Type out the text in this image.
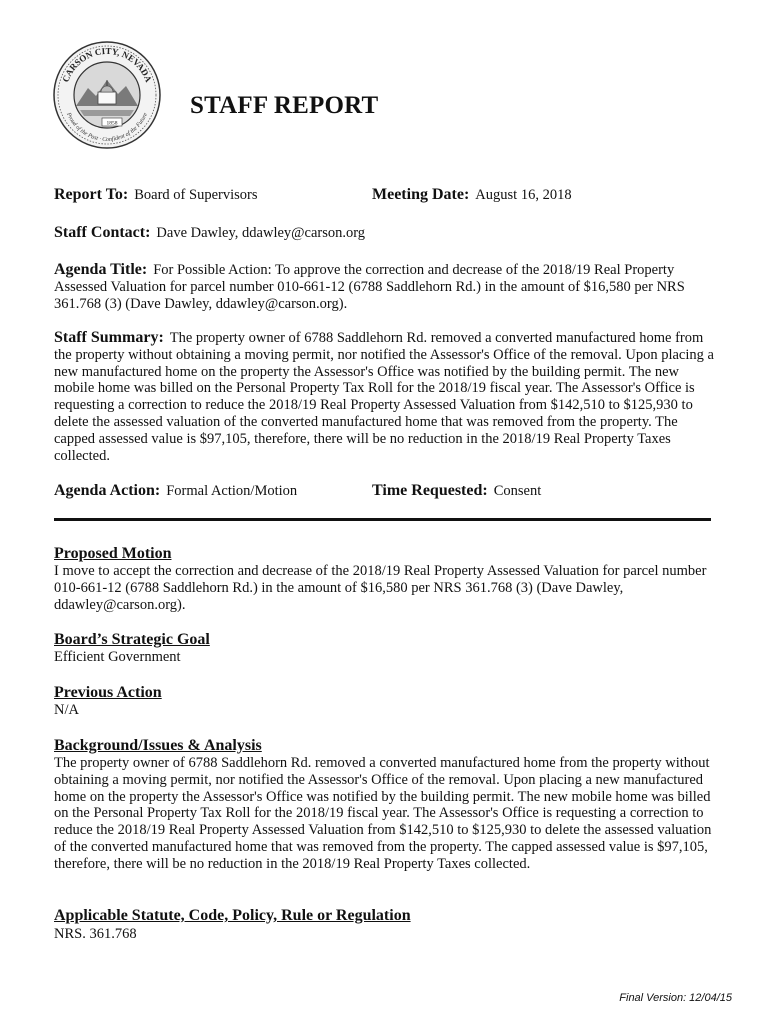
CARSON CITY, NEVADA
Proud of the Past · Confident of the Future
1858
STAFF REPORT
Report To: Board of Supervisors	Meeting Date: August 16, 2018
Staff Contact: Dave Dawley, ddawley@carson.org

Agenda Title: For Possible Action: To approve the correction and decrease of the 2018/19 Real Property Assessed Valuation for parcel number 010-661-12 (6788 Saddlehorn Rd.) in the amount of $16,580 per NRS 361.768 (3) (Dave Dawley, ddawley@carson.org).

Staff Summary: The property owner of 6788 Saddlehorn Rd. removed a converted manufactured home from the property without obtaining a moving permit, nor notified the Assessor's Office of the removal. Upon placing a new manufactured home on the property the Assessor's Office was notified by the building permit. The new mobile home was billed on the Personal Property Tax Roll for the 2018/19 fiscal year. The Assessor's Office is requesting a correction to reduce the 2018/19 Real Property Assessed Valuation from $142,510 to $125,930 to delete the assessed valuation of the converted manufactured home that was removed from the property. The capped assessed value is $97,105, therefore, there will be no reduction in the 2018/19 Real Property Taxes collected.

Agenda Action: Formal Action/Motion	Time Requested: Consent
Proposed Motion

I move to accept the correction and decrease of the 2018/19 Real Property Assessed Valuation for parcel number 010-661-12 (6788 Saddlehorn Rd.) in the amount of $16,580 per NRS 361.768 (3) (Dave Dawley, ddawley@carson.org).

Board’s Strategic Goal

Efficient Government

Previous Action

N/A

Background/Issues & Analysis

The property owner of 6788 Saddlehorn Rd. removed a converted manufactured home from the property without obtaining a moving permit, nor notified the Assessor's Office of the removal. Upon placing a new manufactured home on the property the Assessor's Office was notified by the building permit. The new mobile home was billed on the Personal Property Tax Roll for the 2018/19 fiscal year. The Assessor's Office is requesting a correction to reduce the 2018/19 Real Property Assessed Valuation from $142,510 to $125,930 to delete the assessed valuation of the converted manufactured home that was removed from the property. The capped assessed value is $97,105, therefore, there will be no reduction in the 2018/19 Real Property Taxes collected.

Applicable Statute, Code, Policy, Rule or Regulation

NRS. 361.768

Final Version: 12/04/15
